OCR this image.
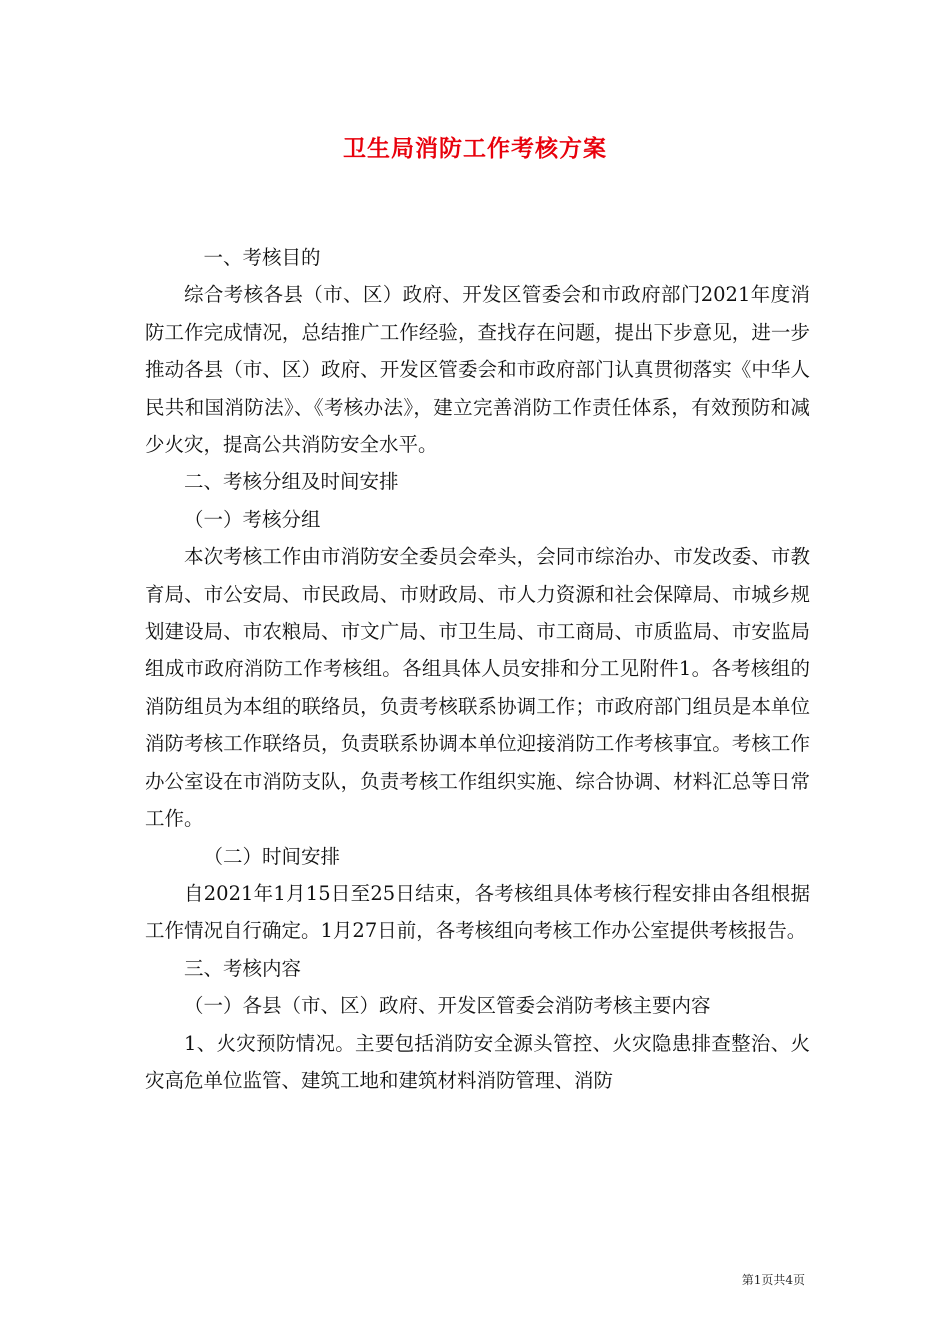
卫生局消防工作考核方案

一、考核目的

综合考核各县（市、区）政府、开发区管委会和市政府部门2021年度消防工作完成情况，总结推广工作经验，查找存在问题，提出下步意见，进一步推动各县（市、区）政府、开发区管委会和市政府部门认真贯彻落实《中华人民共和国消防法》、《考核办法》，建立完善消防工作责任体系，有效预防和减少火灾，提高公共消防安全水平。

二、考核分组及时间安排

（一）考核分组

本次考核工作由市消防安全委员会牵头，会同市综治办、市发改委、市教育局、市公安局、市民政局、市财政局、市人力资源和社会保障局、市城乡规划建设局、市农粮局、市文广局、市卫生局、市工商局、市质监局、市安监局组成市政府消防工作考核组。各组具体人员安排和分工见附件1。各考核组的消防组员为本组的联络员，负责考核联系协调工作；市政府部门组员是本单位消防考核工作联络员，负责联系协调本单位迎接消防工作考核事宜。考核工作办公室设在市消防支队，负责考核工作组织实施、综合协调、材料汇总等日常工作。

（二）时间安排

自2021年1月15日至25日结束，各考核组具体考核行程安排由各组根据工作情况自行确定。1月27日前，各考核组向考核工作办公室提供考核报告。

三、考核内容

（一）各县（市、区）政府、开发区管委会消防考核主要内容

1、火灾预防情况。主要包括消防安全源头管控、火灾隐患排查整治、火灾高危单位监管、建筑工地和建筑材料消防管理、消防

第1页共4页
